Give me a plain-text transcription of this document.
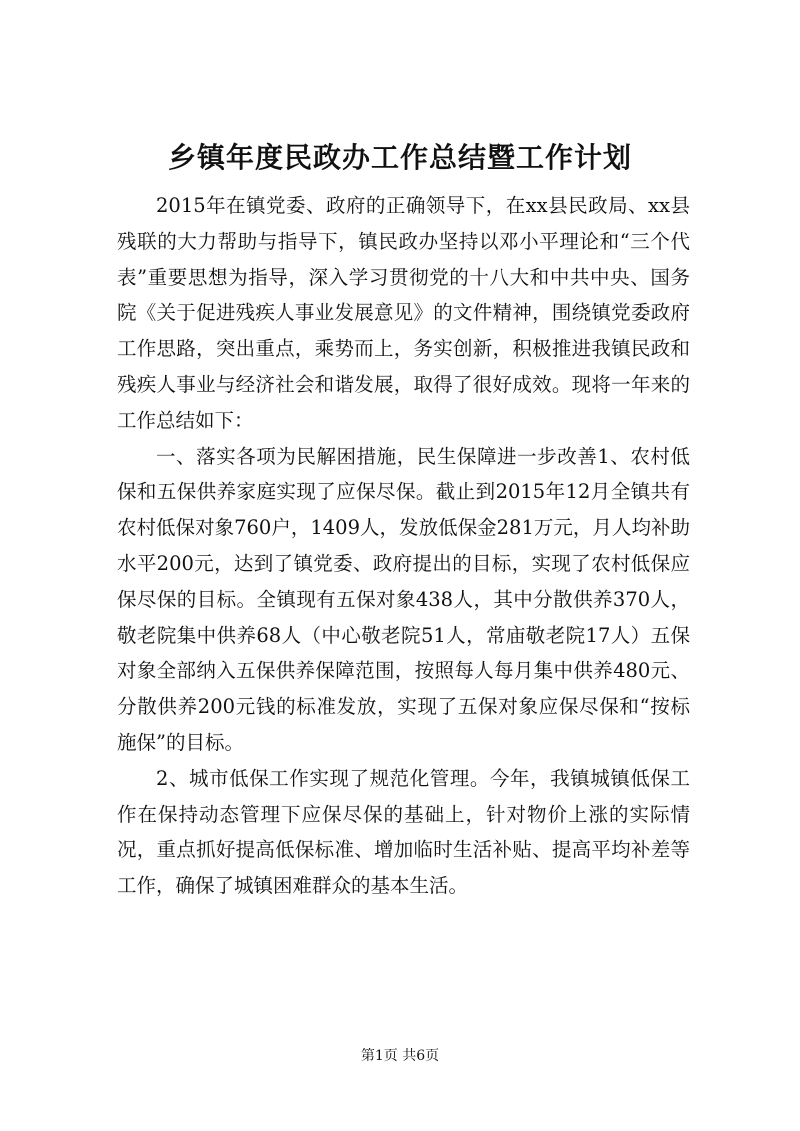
乡镇年度民政办工作总结暨工作计划

2015年在镇党委、政府的正确领导下，在xx县民政局、xx县残联的大力帮助与指导下，镇民政办坚持以邓小平理论和“三个代表”重要思想为指导，深入学习贯彻党的十八大和中共中央、国务院《关于促进残疾人事业发展意见》的文件精神，围绕镇党委政府工作思路，突出重点，乘势而上，务实创新，积极推进我镇民政和残疾人事业与经济社会和谐发展，取得了很好成效。现将一年来的工作总结如下：

一、落实各项为民解困措施，民生保障进一步改善1、农村低保和五保供养家庭实现了应保尽保。截止到2015年12月全镇共有农村低保对象760户，1409人，发放低保金281万元，月人均补助水平200元，达到了镇党委、政府提出的目标，实现了农村低保应保尽保的目标。全镇现有五保对象438人，其中分散供养370人，敬老院集中供养68人（中心敬老院51人，常庙敬老院17人）五保对象全部纳入五保供养保障范围，按照每人每月集中供养480元、分散供养200元钱的标准发放，实现了五保对象应保尽保和“按标施保”的目标。

2、城市低保工作实现了规范化管理。今年，我镇城镇低保工作在保持动态管理下应保尽保的基础上，针对物价上涨的实际情况，重点抓好提高低保标准、增加临时生活补贴、提高平均补差等工作，确保了城镇困难群众的基本生活。

第1页 共6页
